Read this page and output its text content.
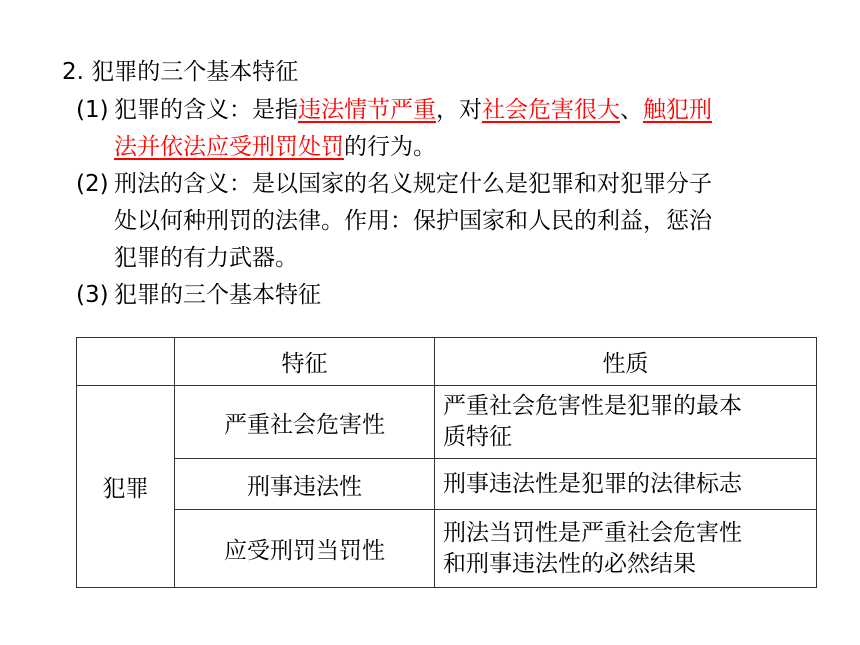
2. 犯罪的三个基本特征
(1) 犯罪的含义：是指违法情节严重，对社会危害很大、触犯刑
法并依法应受刑罚处罚的行为。
(2) 刑法的含义：是以国家的名义规定什么是犯罪和对犯罪分子
处以何种刑罚的法律。作用：保护国家和人民的利益，惩治
犯罪的有力武器。
(3) 犯罪的三个基本特征
	特征	性质
犯罪	严重社会危害性	严重社会危害性是犯罪的最本
质特征
	刑事违法性	刑事违法性是犯罪的法律标志
	应受刑罚当罚性	刑法当罚性是严重社会危害性
和刑事违法性的必然结果
